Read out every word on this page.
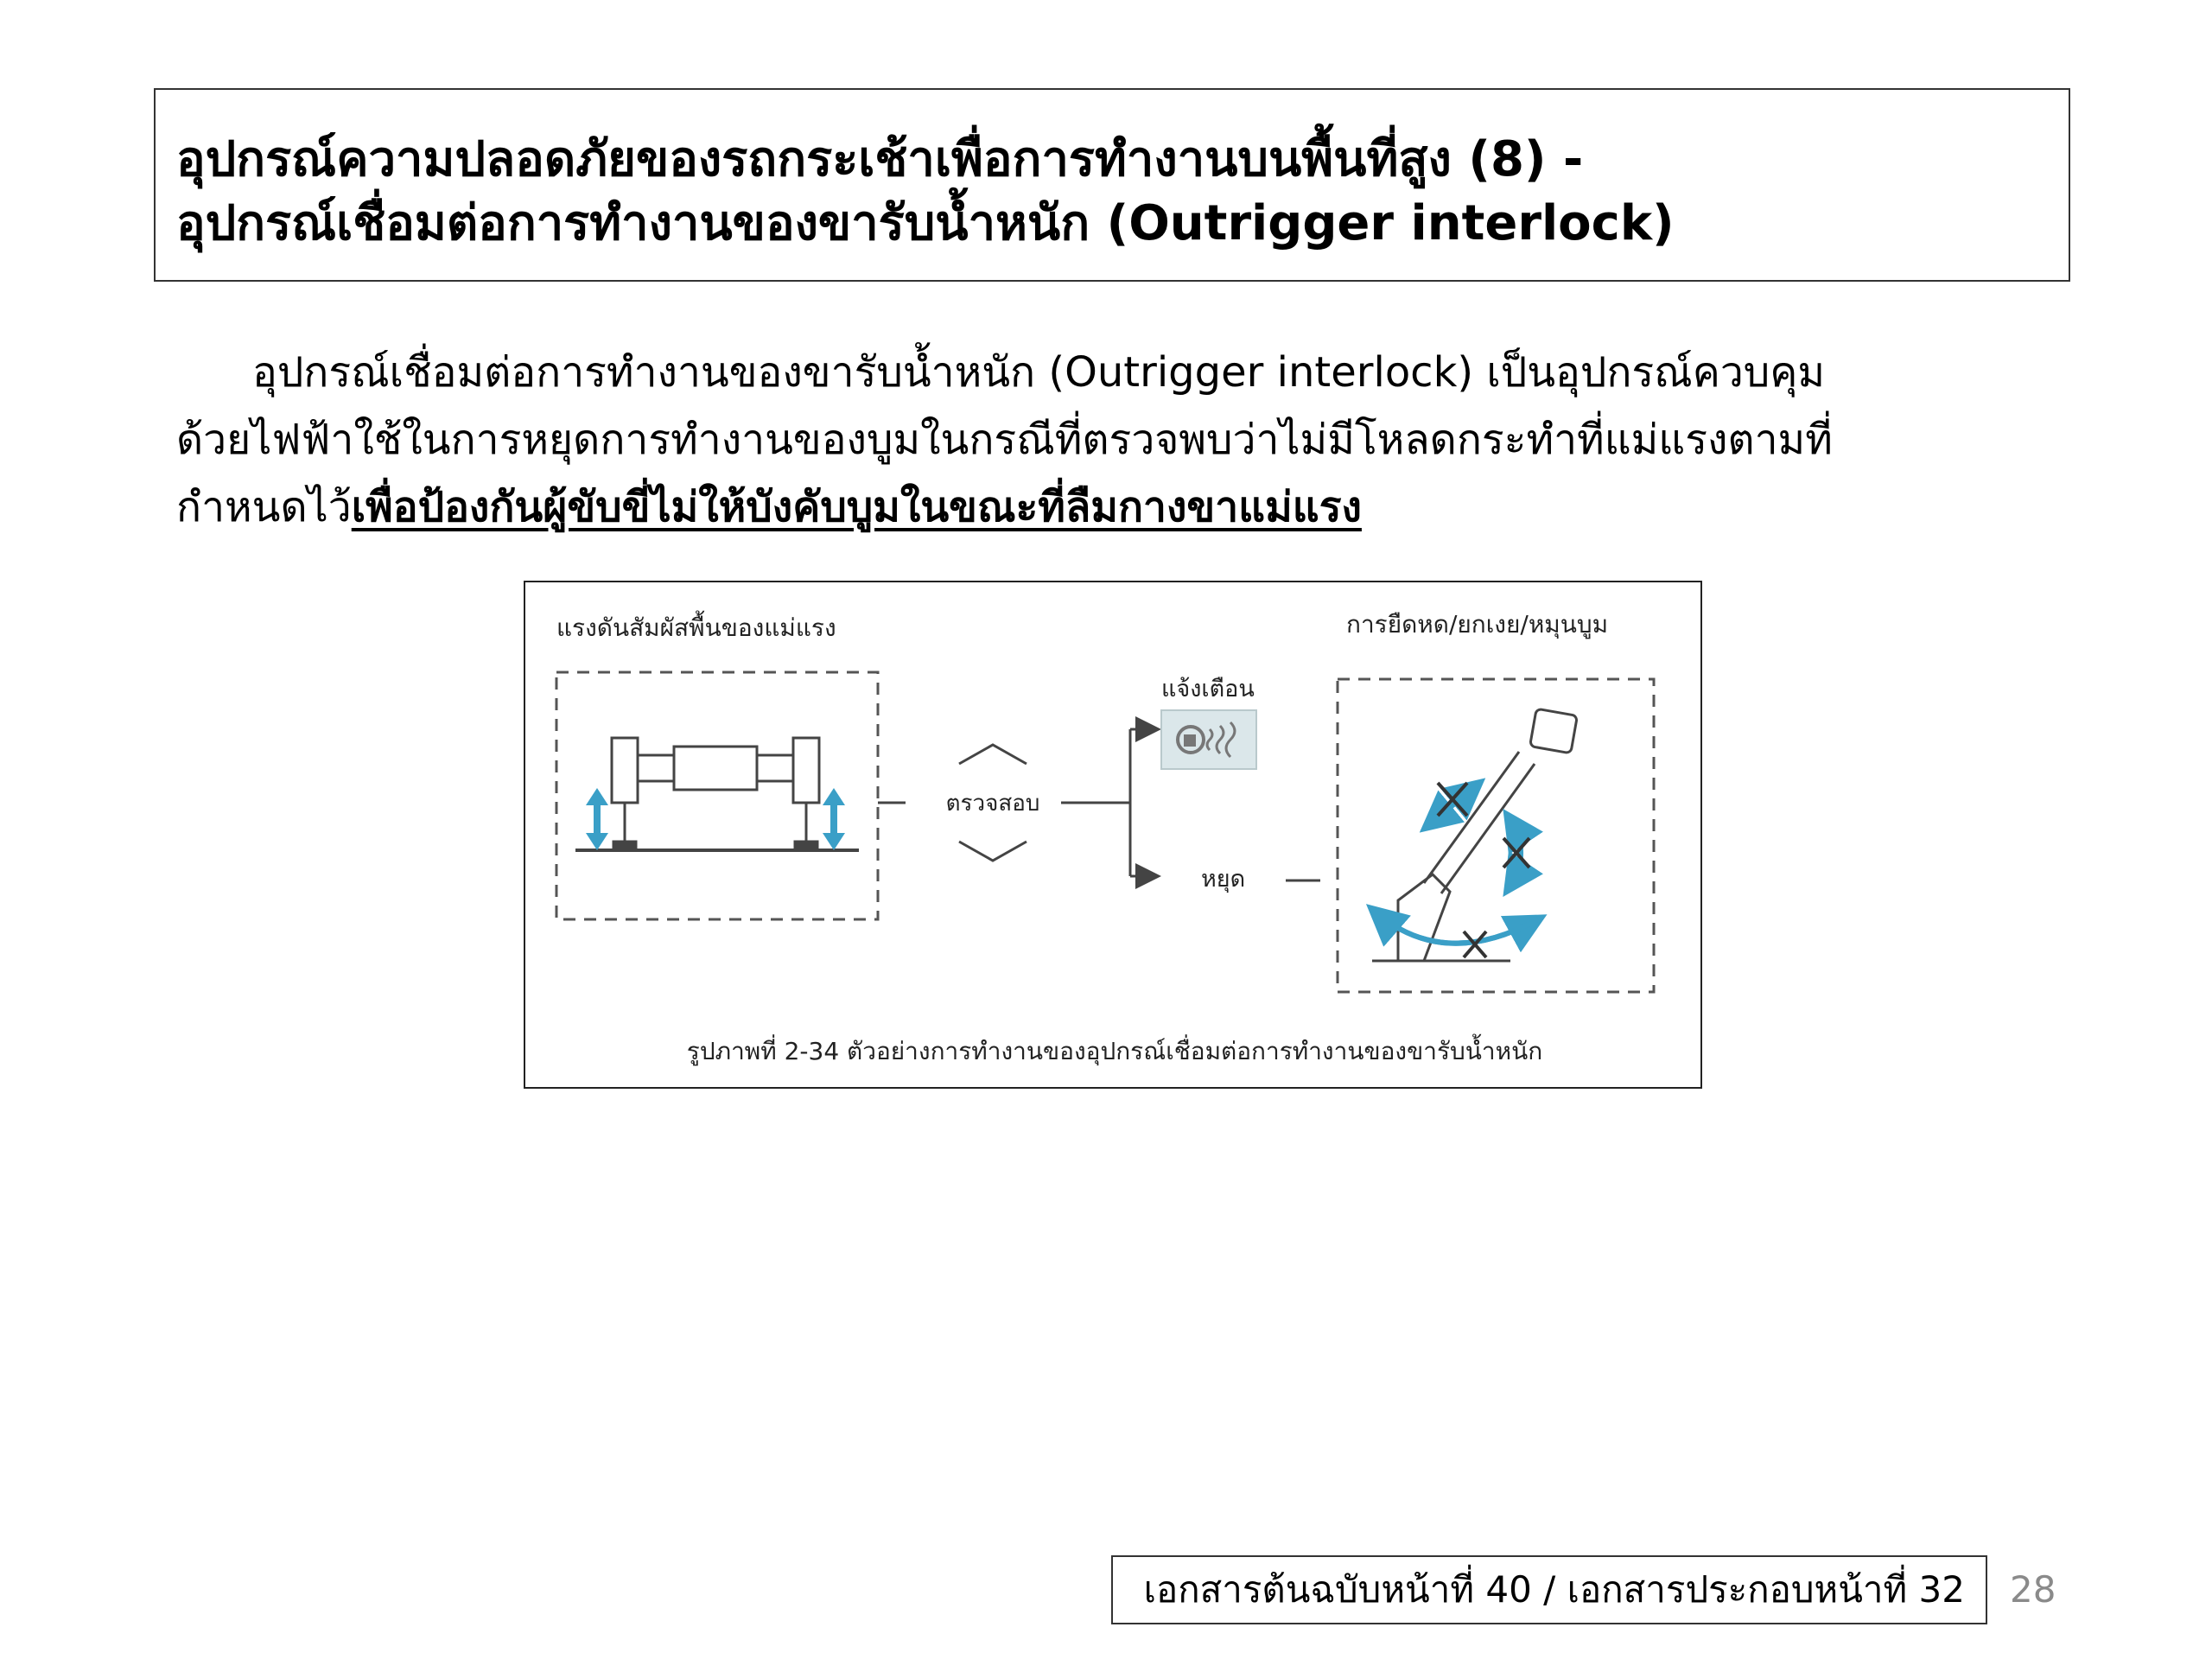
อุปกรณ์ความปลอดภัยของรถกระเช้าเพื่อการทำงานบนพื้นที่สูง (8) -
อุปกรณ์เชื่อมต่อการทำงานของขารับน้ำหนัก (Outrigger interlock)
อุปกรณ์เชื่อมต่อการทำงานของขารับน้ำหนัก (Outrigger interlock) เป็นอุปกรณ์ควบคุม
ด้วยไฟฟ้าใช้ในการหยุดการทำงานของบูมในกรณีที่ตรวจพบว่าไม่มีโหลดกระทำที่แม่แรงตามที่
กำหนดไว้เพื่อป้องกันผู้ขับขี่ไม่ให้บังคับบูมในขณะที่ลืมกางขาแม่แรง
แรงดันสัมผัสพื้นของแม่แรง
ตรวจสอบ
แจ้งเตือน
หยุด
การยืดหด/ยกเงย/หมุนบูม
รูปภาพที่ 2-34 ตัวอย่างการทำงานของอุปกรณ์เชื่อมต่อการทำงานของขารับน้ำหนัก
เอกสารต้นฉบับหน้าที่ 40 / เอกสารประกอบหน้าที่ 32	28
